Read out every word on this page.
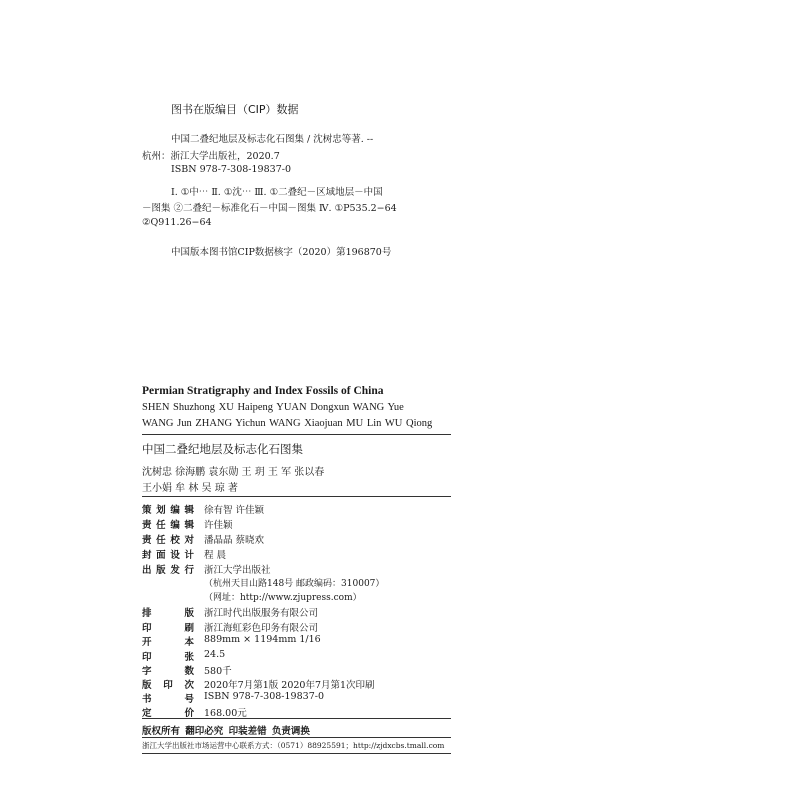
图书在版编目（CIP）数据
中国二叠纪地层及标志化石图集 / 沈树忠等著. --
杭州：浙江大学出版社，2020.7
ISBN 978-7-308-19837-0
Ⅰ. ①中⋯ Ⅱ. ①沈⋯ Ⅲ. ①二叠纪－区域地层－中国
－图集 ②二叠纪－标准化石－中国－图集 Ⅳ. ①P535.2−64
②Q911.26−64
中国版本图书馆CIP数据核字（2020）第196870号
Permian Stratigraphy and Index Fossils of China
SHEN Shuzhong XU Haipeng YUAN Dongxun WANG Yue
WANG Jun ZHANG Yichun WANG Xiaojuan MU Lin WU Qiong
中国二叠纪地层及标志化石图集
沈树忠 徐海鹏 袁东勋 王 玥 王 军 张以春
王小娟 牟 林 吴 琼 著
策划编辑 徐有智 许佳颖
责任编辑 许佳颖
责任校对 潘晶晶 蔡晓欢
封面设计 程 晨
出版发行 浙江大学出版社
（杭州天目山路148号 邮政编码：310007）
（网址：http://www.zjupress.com）
排版 浙江时代出版服务有限公司
印刷 浙江海虹彩色印务有限公司
开本 889mm × 1194mm 1/16
印张 24.5
字数 580千
版印次 2020年7月第1版 2020年7月第1次印刷
书号 ISBN 978-7-308-19837-0
定价 168.00元
版权所有 翻印必究 印装差错 负责调换
浙江大学出版社市场运营中心联系方式：（0571）88925591；http://zjdxcbs.tmall.com
